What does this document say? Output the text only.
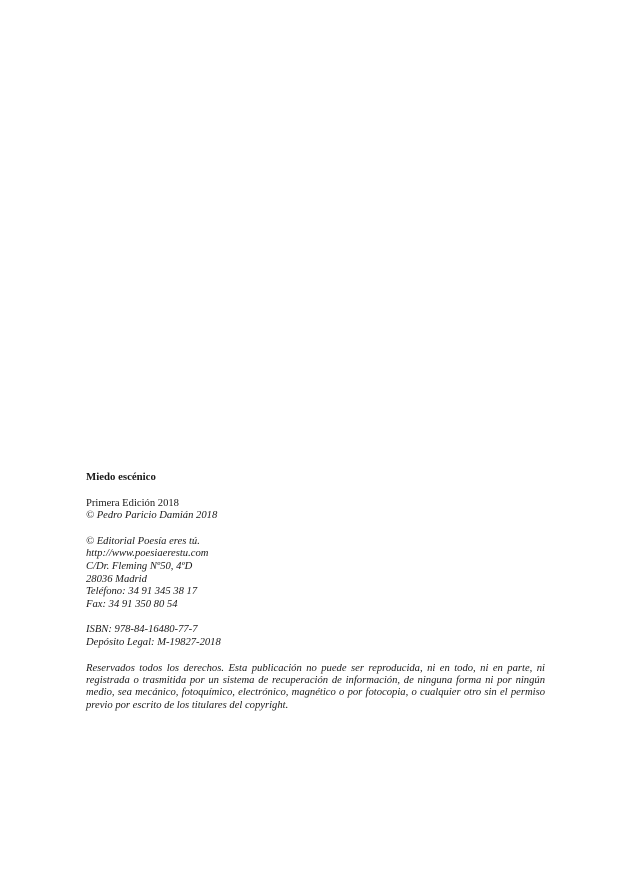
Miedo escénico
Primera Edición 2018
© Pedro Paricio Damián 2018
© Editorial Poesía eres tú.
http://www.poesiaerestu.com
C/Dr. Fleming Nº50, 4ºD
28036 Madrid
Teléfono: 34 91 345 38 17
Fax: 34 91 350 80 54
ISBN: 978-84-16480-77-7
Depósito Legal: M-19827-2018

Reservados todos los derechos. Esta publicación no puede ser reproducida, ni en todo, ni en parte, ni registrada o trasmitida por un sistema de recuperación de información, de ninguna forma ni por ningún medio, sea mecánico, fotoquímico, electrónico, magnético o por fotocopia, o cualquier otro sin el permiso previo por escrito de los titulares del copyright.
